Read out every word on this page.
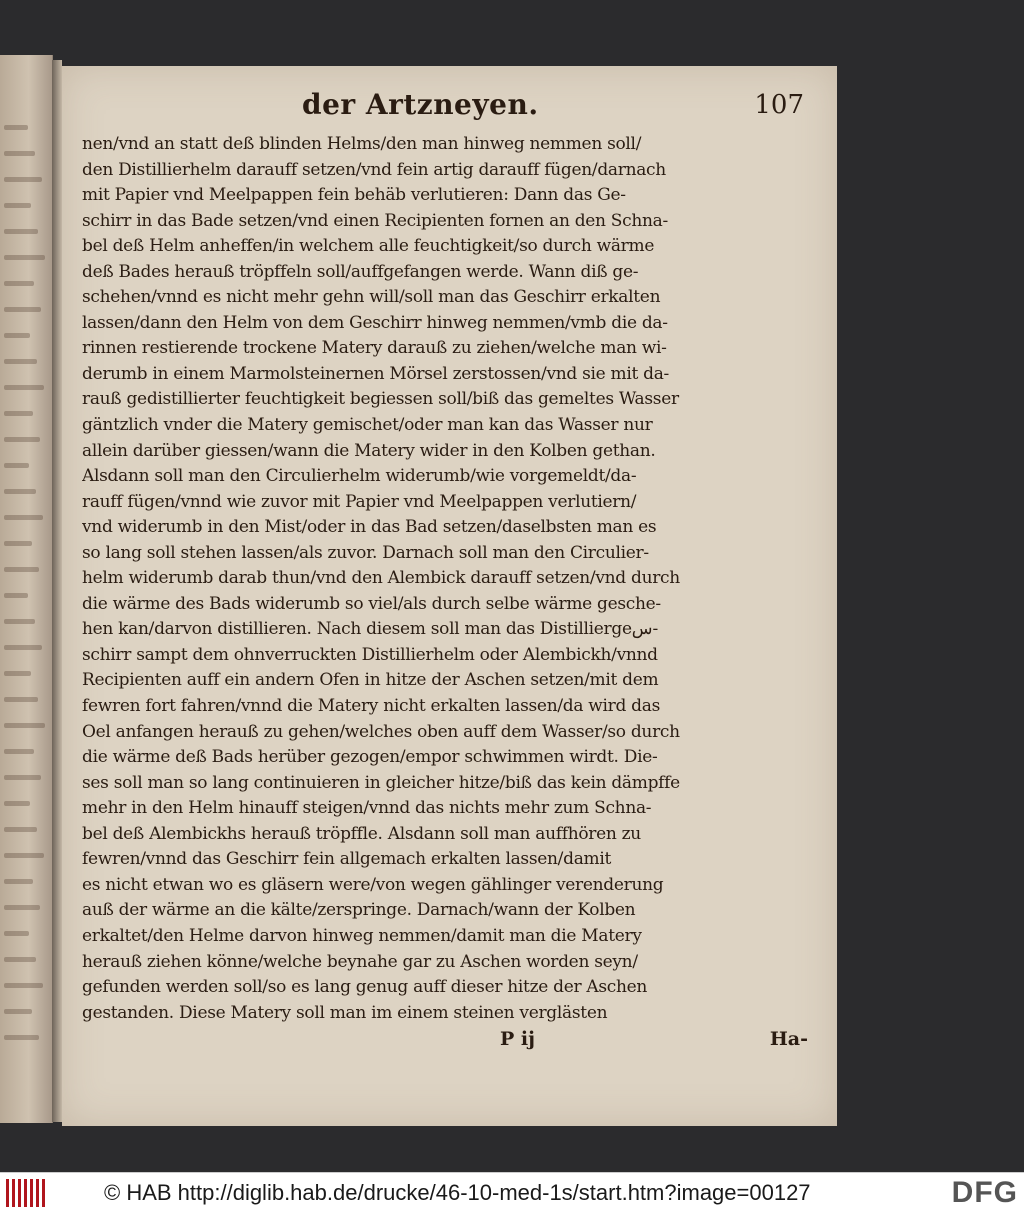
der Artzneyen.	107
nen/vnd an statt deß blinden Helms/den man hinweg nemmen soll/
den Distillierhelm darauff setzen/vnd fein artig darauff fügen/darnach
mit Papier vnd Meelpappen fein behäb verlutieren: Dann das Ge-
schirr in das Bade setzen/vnd einen Recipienten fornen an den Schna-
bel deß Helm anheffen/in welchem alle feuchtigkeit/so durch wärme
deß Bades herauß tröpffeln soll/auffgefangen werde. Wann diß ge-
schehen/vnnd es nicht mehr gehn will/soll man das Geschirr erkalten
lassen/dann den Helm von dem Geschirr hinweg nemmen/vmb die da-
rinnen restierende trockene Matery darauß zu ziehen/welche man wi-
derumb in einem Marmolsteinernen Mörsel zerstossen/vnd sie mit da-
rauß gedistillierter feuchtigkeit begiessen soll/biß das gemeltes Wasser
gäntzlich vnder die Matery gemischet/oder man kan das Wasser nur
allein darüber giessen/wann die Matery wider in den Kolben gethan.
Alsdann soll man den Circulierhelm widerumb/wie vorgemeldt/da-
rauff fügen/vnnd wie zuvor mit Papier vnd Meelpappen verlutiern/
vnd widerumb in den Mist/oder in das Bad setzen/daselbsten man es
so lang soll stehen lassen/als zuvor. Darnach soll man den Circulier-
helm widerumb darab thun/vnd den Alembick darauff setzen/vnd durch
die wärme des Bads widerumb so viel/als durch selbe wärme gesche-
hen kan/darvon distillieren. Nach diesem soll man das Distilliergeس-
schirr sampt dem ohnverruckten Distillierhelm oder Alembickh/vnnd
Recipienten auff ein andern Ofen in hitze der Aschen setzen/mit dem
fewren fort fahren/vnnd die Matery nicht erkalten lassen/da wird das
Oel anfangen herauß zu gehen/welches oben auff dem Wasser/so durch
die wärme deß Bads herüber gezogen/empor schwimmen wirdt. Die-
ses soll man so lang continuieren in gleicher hitze/biß das kein dämpffe
mehr in den Helm hinauff steigen/vnnd das nichts mehr zum Schna-
bel deß Alembickhs herauß tröpffle. Alsdann soll man auffhören zu
fewren/vnnd das Geschirr fein allgemach erkalten lassen/damit
es nicht etwan wo es gläsern were/von wegen gählinger verenderung
auß der wärme an die kälte/zerspringe. Darnach/wann der Kolben
erkaltet/den Helme darvon hinweg nemmen/damit man die Matery
herauß ziehen könne/welche beynahe gar zu Aschen worden seyn/
gefunden werden soll/so es lang genug auff dieser hitze der Aschen
gestanden. Diese Matery soll man im einem steinen verglästen
P ij	Ha-
© HAB http://diglib.hab.de/drucke/46-10-med-1s/start.htm?image=00127	DFG
